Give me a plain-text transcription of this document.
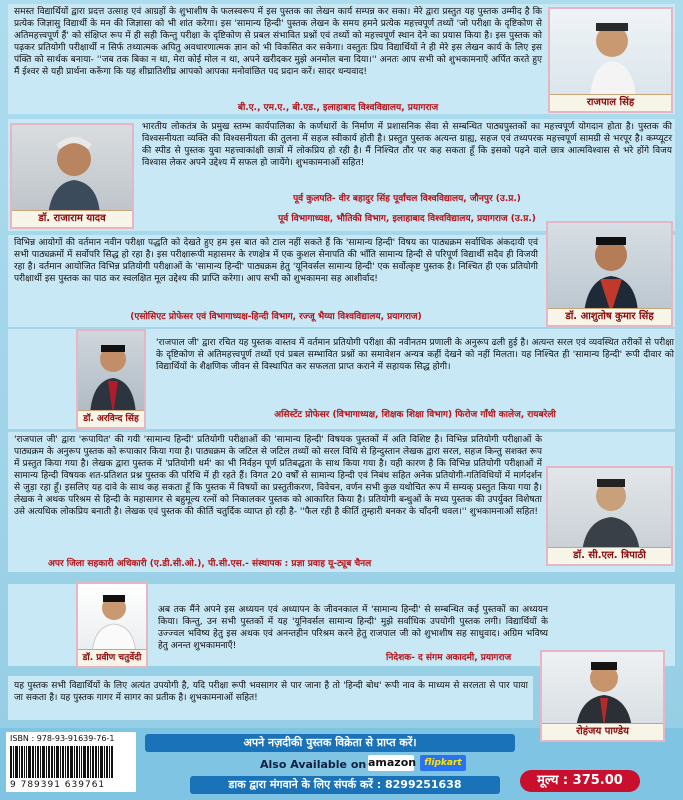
समस्त विद्यार्थियों द्वारा प्रदत्त उत्साह एवं आग्रहों के शुभाशीष के फलस्वरूप में इस पुस्तक का लेखन कार्य सम्पन्न कर सका। मेरे द्वारा प्रस्तुत यह पुस्तक उम्मीद है कि प्रत्येक जिज्ञासु विद्यार्थी के मन की जिज्ञासा को भी शांत करेगा। इस 'सामान्य हिन्दी' पुस्तक लेखन के समय हमने प्रत्येक महत्त्वपूर्ण तथ्यों 'जो परीक्षा के दृष्टिकोण से अतिमहत्त्वपूर्ण हैं' को संक्षिप्त रूप में ही सही किन्तु परीक्षा के दृष्टिकोण से प्रबल संभावित प्रश्नों एवं तथ्यों को महत्त्वपूर्ण स्थान देने का प्रयास किया है। इस पुस्तक को पढ़कर प्रतियोगी परीक्षार्थी न सिर्फ तथ्यात्मक अपितु अवधारणात्मक ज्ञान को भी विकसित कर सकेगा। वस्तुतः प्रिय विद्यार्थियों ने ही मेरे इस लेखन कार्य के लिए इस पंक्ति को सार्थक बनाया- ''जब तक बिका न था, मेरा कोई मोल न था, अपने खरीदकर मुझे अनमोल बना दिया।'' अनतः आप सभी को शुभकामनाएँ अर्पित करते हुए मैं ईश्वर से यही प्रार्थना करूँगा कि यह शीघ्रातिशीघ्र आपको आपका मनोवांछित पद प्रदान करें। सादर धन्यवाद!
बी.ए., एम.ए., बी.एड., इलाहाबाद विश्वविद्यालय, प्रयागराज	राजपाल सिंह
डॉ. राजाराम यादव
भारतीय लोकतंत्र के प्रमुख स्तम्भ कार्यपालिका के कर्णधारों के निर्माण में प्रशासनिक सेवा से सम्बन्धित पाठ्यपुस्तकों का महत्त्वपूर्ण योगदान होता है। पुस्तक की विश्वसनीयता व्यक्ति की विश्वसनीयता की तुलना में सहज स्वीकार्य होती है। प्रस्तुत पुस्तक अत्यन्त ग्राह्य, सहज एवं तथ्यपरक महत्त्वपूर्ण सामग्री से भरपूर है। कम्प्यूटर की स्पीड से पुस्तक युवा महत्त्वाकांक्षी छात्रों में लोकप्रिय हो रही है। मैं निश्चित तौर पर कह सकता हूँ कि इसको पढ़ने वाले छात्र आत्मविश्वास से भरे होंगे विजय विश्वास लेकर अपने उद्देश्य में सफल हो जायेंगे। शुभकामनाओं सहित!
पूर्व कुलपति- वीर बहादुर सिंह पूर्वांचल विश्वविद्यालय, जौनपुर (उ.प्र.)
पूर्व विभागाध्यक्ष, भौतिकी विभाग, इलाहाबाद विश्वविद्यालय, प्रयागराज (उ.प्र.)
विभिन्न आयोगों की वर्तमान नवीन परीक्षा पद्धति को देखते हुए हम इस बात को टाल नहीं सकते हैं कि 'सामान्य हिन्दी' विषय का पाठ्यक्रम सर्वाधिक अंकदायी एवं सभी पाठ्यक्रमों में सर्वोपरि सिद्ध हो रहा है। इस परीक्षारूपी महासमर के रणक्षेत्र में एक कुशल सेनापति की भाँति सामान्य हिन्दी से परिपूर्ण विद्यार्थी सदैव ही विजयी रहा है। वर्तमान आयोजित विभिन्न प्रतियोगी परीक्षाओं के 'सामान्य हिन्दी' पाठ्यक्रम हेतु 'यूनिवर्सल सामान्य हिन्दी' एक सर्वोत्कृष्ट पुस्तक है। निश्चित ही एक प्रतियोगी परीक्षार्थी इस पुस्तक का पाठ कर स्वलक्षित मूल उद्देश्य की प्राप्ति करेगा। आप सभी को शुभकामना सह आशीर्वाद!
(एसोसिएट प्रोफेसर एवं विभागाध्यक्ष-हिन्दी विभाग, रज्जू भैय्या विश्वविद्यालय, प्रयागराज)	डॉ. आशुतोष कुमार सिंह
डॉ. अरविन्द सिंह
'राजपाल जी' द्वारा रचित यह पुस्तक वास्तव में वर्तमान प्रतियोगी परीक्षा की नवीनतम प्रणाली के अनुरूप ढली हुई है। अत्यन्त सरल एवं व्यवस्थित तरीकों से परीक्षा के दृष्टिकोण से अतिमहत्त्वपूर्ण तथ्यों एवं प्रबल सम्भावित प्रश्नों का समावेशन अन्यत्र कहीं देखने को नहीं मिलता। यह निश्चित ही 'सामान्य हिन्दी' रूपी दीवार को विद्यार्थियों के शैक्षणिक जीवन से विस्थापित कर सफलता प्राप्त कराने में सहायक सिद्ध होगी।
असिस्टेंट प्रोफेसर (विभागाध्यक्ष, शिक्षक शिक्षा विभाग) फिरोज गाँधी कालेज, रायबरेली
'राजपाल जी' द्वारा 'रूपायित' की गयी 'सामान्य हिन्दी' प्रतियोगी परीक्षाओं की 'सामान्य हिन्दी' विषयक पुस्तकों में अति विशिष्ट है। विभिन्न प्रतियोगी परीक्षाओं के पाठ्यक्रम के अनुरूप पुस्तक को रूपाकार किया गया है। पाठ्यक्रम के जटिल से जटिल तथ्यों को सरल विधि से हिन्दुस्तान लेखक द्वारा सरल, सहज किन्तु सशक्त रूप में प्रस्तुत किया गया है। लेखक द्वारा पुस्तक में 'प्रतियोगी धर्म' का भी निर्वहन पूर्ण प्रतिबद्धता के साथ किया गया है। यही कारण है कि विभिन्न प्रतियोगी परीक्षाओं में सामान्य हिन्दी विषयक शत-प्रतिशत प्रश्न पुस्तक की परिधि में ही रहते हैं। विगत 20 वर्षों से सामान्य हिन्दी एवं निबंध सहित अनेक प्रतियोगी-गतिविधियों में मार्गदर्शन से जुड़ा रहा हूँ। इसलिए यह दावे के साथ कह सकता हूँ कि पुस्तक में विषयों का प्रस्तुतीकरण, विवेचन, वर्णन सभी कुछ यथोचित रूप में सम्यक् प्रस्तुत किया गया है। लेखक ने अथक परिश्रम से हिन्दी के महासागर से बहुमूल्य रत्नों को निकालकर पुस्तक को आकारित किया है। प्रतियोगी बन्धुओं के मध्य पुस्तक की उपर्युक्त विशेषता उसे अत्यधिक लोकप्रिय बनाती है। लेखक एवं पुस्तक की कीर्ति चतुर्दिक व्याप्त हो रही है- ''फैल रही है कीर्ति तुम्हारी बनकर के चाँदनी धवल।'' शुभकामनाओं सहित!
अपर जिला सहकारी अधिकारी (ए.डी.सी.ओ.), पी.सी.एस.- संस्थापक : प्रज्ञा प्रवाह यू-ट्यूब चैनल
डॉ. सी.एल. त्रिपाठी
डॉ. प्रवीण चतुर्वेदी
अब तक मैंने अपने इस अध्ययन एवं अध्यापन के जीवनकाल में 'सामान्य हिन्दी' से सम्बन्धित कई पुस्तकों का अध्ययन किया। किन्तु, उन सभी पुस्तकों में यह 'यूनिवर्सल सामान्य हिन्दी' मुझे सर्वाधिक उपयोगी पुस्तक लगी। विद्यार्थियों के उज्ज्वल भविष्य हेतु इस अथक एवं अनन्तहीन परिश्रम करने हेतु राजपाल जी को शुभाशीष सह साधुवाद। अग्रिम भविष्य हेतु अनन्त शुभकामनाएँ!
निदेशक- द संगम अकादमी, प्रयागराज
यह पुस्तक सभी विद्यार्थियों के लिए अत्यंत उपयोगी है, यदि परीक्षा रूपी भवसागर से पार जाना है तो 'हिन्दी बोध' रूपी नाव के माध्यम से सरलता से पार पाया जा सकता है। यह पुस्तक गागर में सागर का प्रतीक है। शुभकामनाओं सहित!
रोहंजय पाण्डेय
ISBN : 978-93-91639-76-1
9 789391 639761
अपने नज़दीकी पुस्तक विक्रेता से प्राप्त करें।
Also Available on amazon flipkart
डाक द्वारा मंगवाने के लिए संपर्क करें : 8299251638	मूल्य : 375.00
